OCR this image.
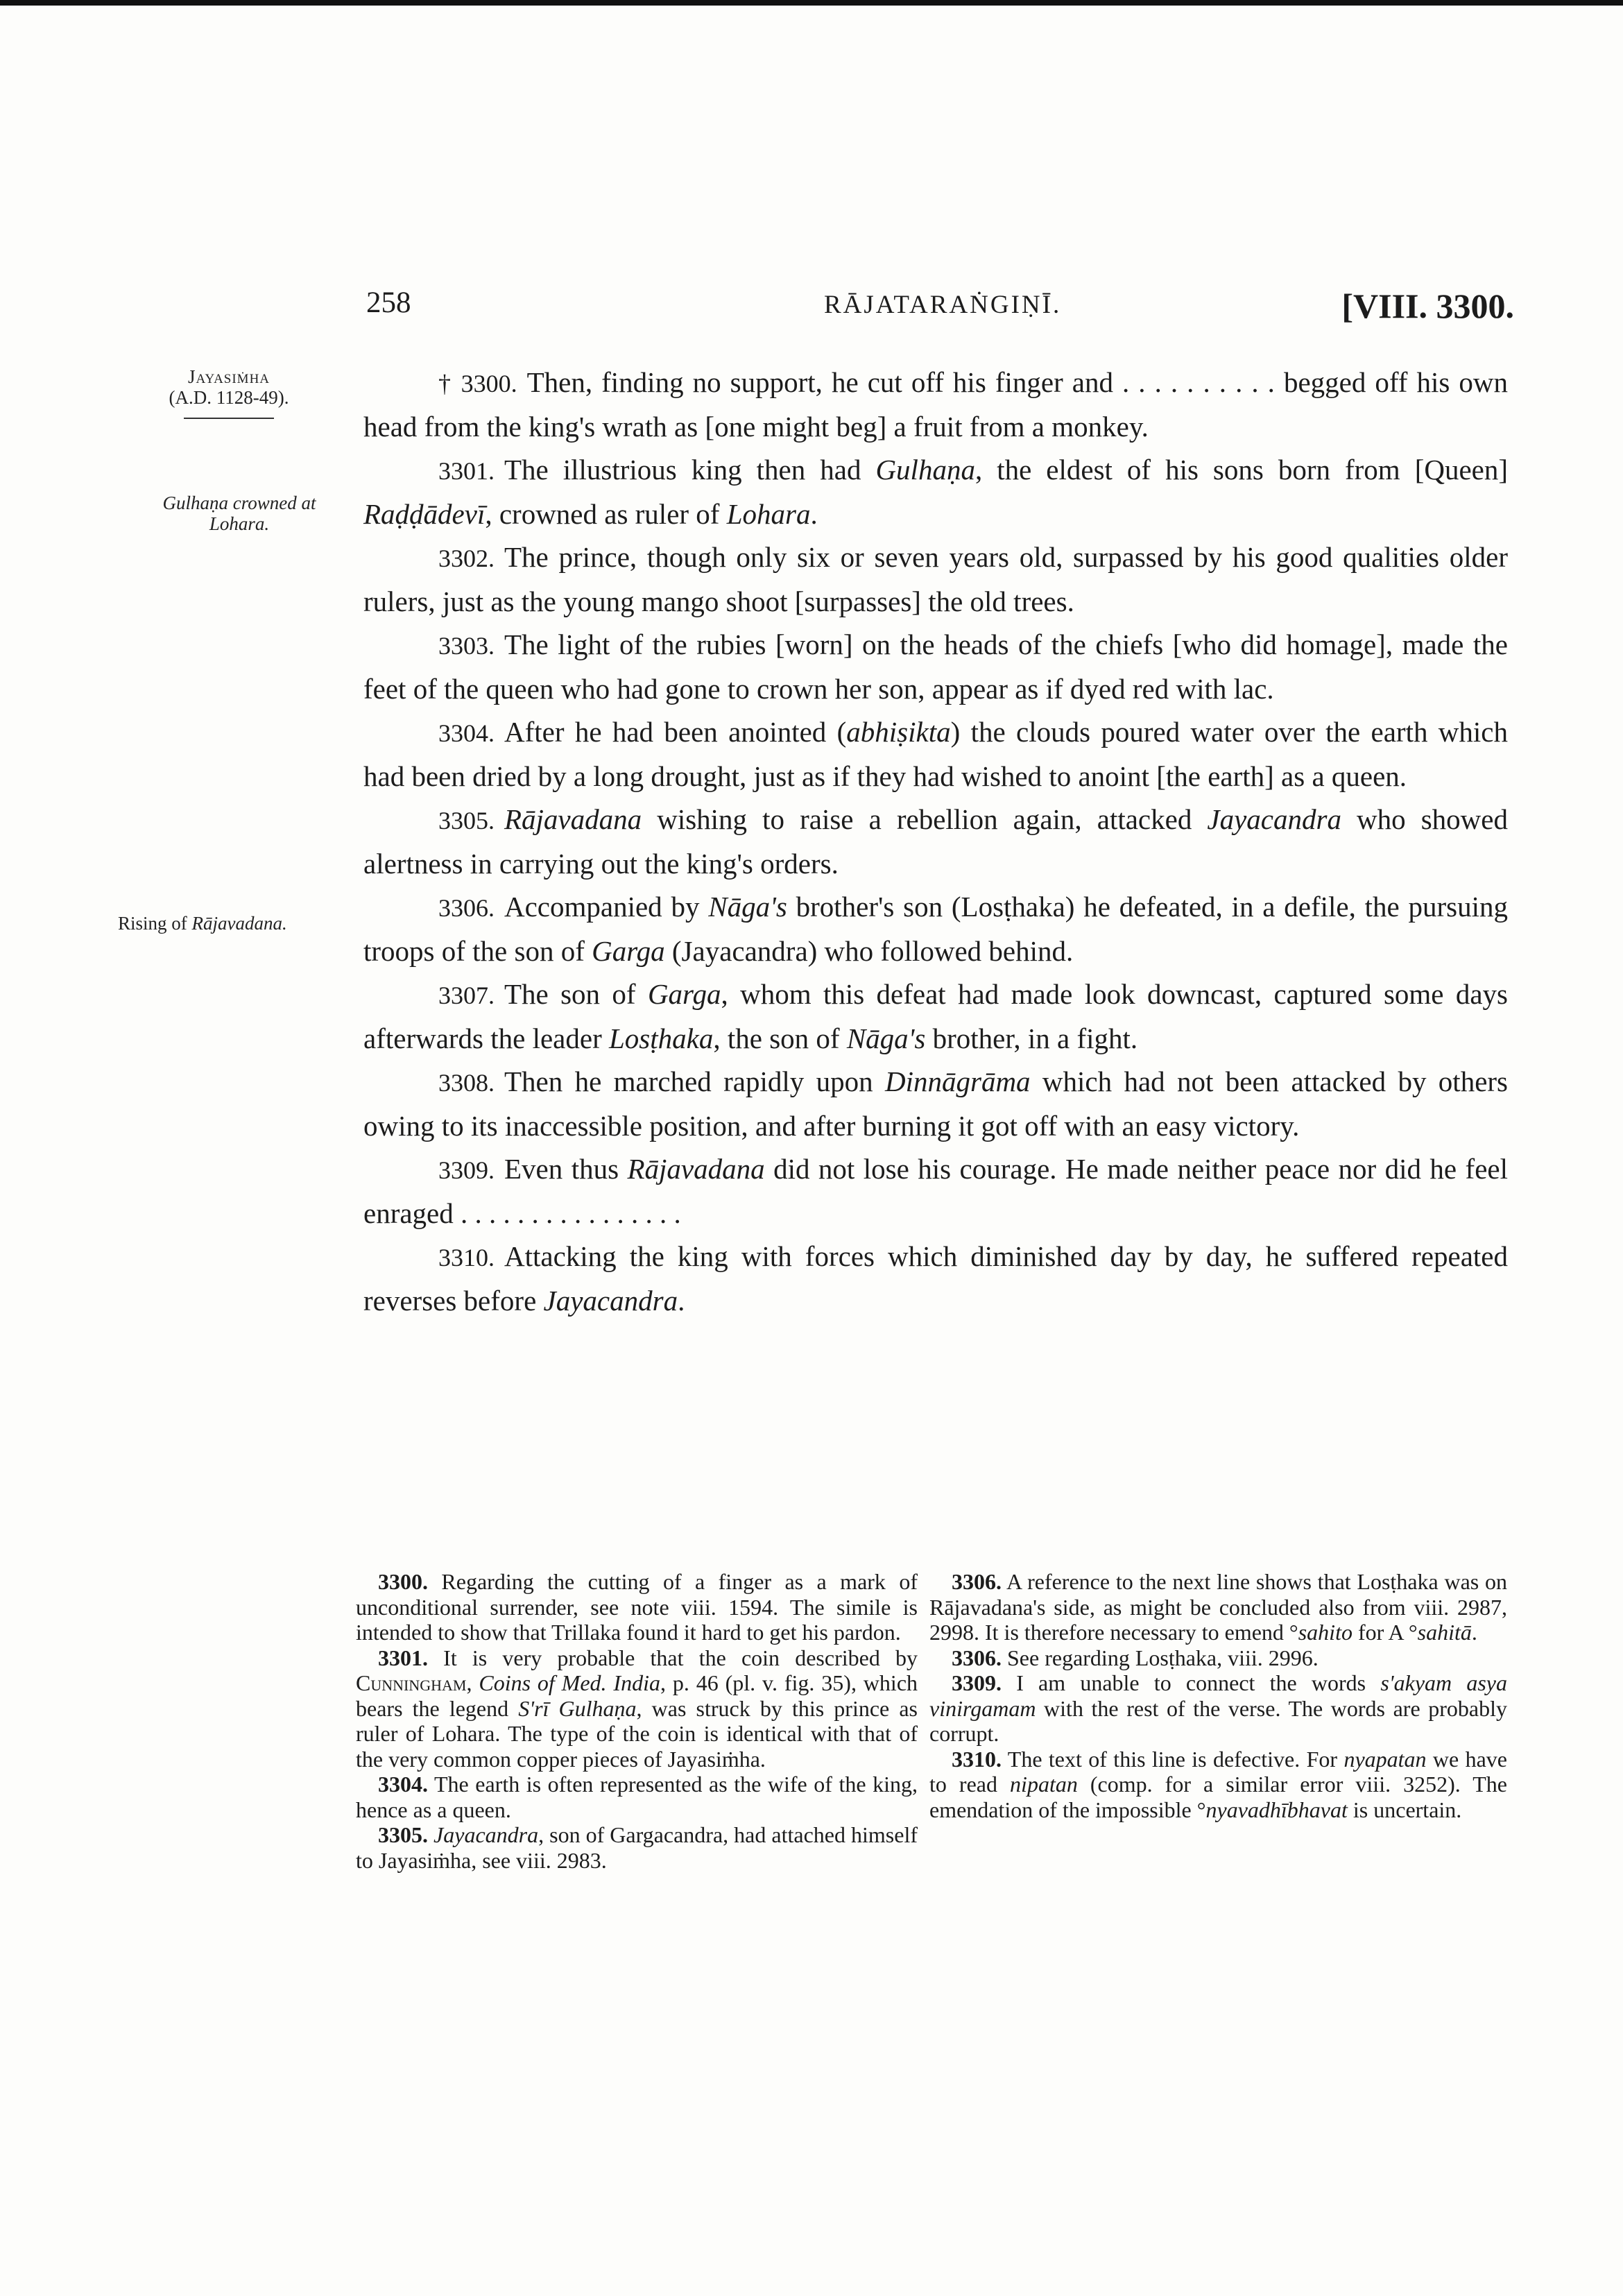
258	RĀJATARAṄGIṆĪ.	[VIII. 3300.
Jayasiṁha
(A.D. 1128-49).
Gulhaṇa crowned at
Lohara.
Rising of Rājavadana.

† 3300. Then, finding no support, he cut off his finger and . . . . . . . . . . begged off his own head from the king's wrath as [one might beg] a fruit from a monkey.

3301. The illustrious king then had Gulhaṇa, the eldest of his sons born from [Queen] Raḍḍādevī, crowned as ruler of Lohara.

3302. The prince, though only six or seven years old, surpassed by his good qualities older rulers, just as the young mango shoot [surpasses] the old trees.

3303. The light of the rubies [worn] on the heads of the chiefs [who did homage], made the feet of the queen who had gone to crown her son, appear as if dyed red with lac.

3304. After he had been anointed (abhiṣikta) the clouds poured water over the earth which had been dried by a long drought, just as if they had wished to anoint [the earth] as a queen.

3305. Rājavadana wishing to raise a rebellion again, attacked Jayacandra who showed alertness in carrying out the king's orders.

3306. Accompanied by Nāga's brother's son (Losṭhaka) he defeated, in a defile, the pursuing troops of the son of Garga (Jayacandra) who followed behind.

3307. The son of Garga, whom this defeat had made look downcast, captured some days afterwards the leader Losṭhaka, the son of Nāga's brother, in a fight.

3308. Then he marched rapidly upon Dinnāgrāma which had not been attacked by others owing to its inaccessible position, and after burning it got off with an easy victory.

3309. Even thus Rājavadana did not lose his courage. He made neither peace nor did he feel enraged . . . . . . . . . . . . . . . .

3310. Attacking the king with forces which diminished day by day, he suffered repeated reverses before Jayacandra.

3300. Regarding the cutting of a finger as a mark of unconditional surrender, see note viii. 1594. The simile is intended to show that Trillaka found it hard to get his pardon.

3301. It is very probable that the coin described by Cunningham, Coins of Med. India, p. 46 (pl. v. fig. 35), which bears the legend S'rī Gulhaṇa, was struck by this prince as ruler of Lohara. The type of the coin is identical with that of the very common copper pieces of Jayasiṁha.

3304. The earth is often represented as the wife of the king, hence as a queen.

3305. Jayacandra, son of Gargacandra, had attached himself to Jayasiṁha, see viii. 2983.

3306. A reference to the next line shows that Losṭhaka was on Rājavadana's side, as might be concluded also from viii. 2987, 2998. It is therefore necessary to emend °sahito for A °sahitā.

3306. See regarding Losṭhaka, viii. 2996.

3309. I am unable to connect the words s'akyam asya vinirgamam with the rest of the verse. The words are probably corrupt.

3310. The text of this line is defective. For nyapatan we have to read nipatan (comp. for a similar error viii. 3252). The emendation of the impossible °nyavadhībhavat is uncertain.
